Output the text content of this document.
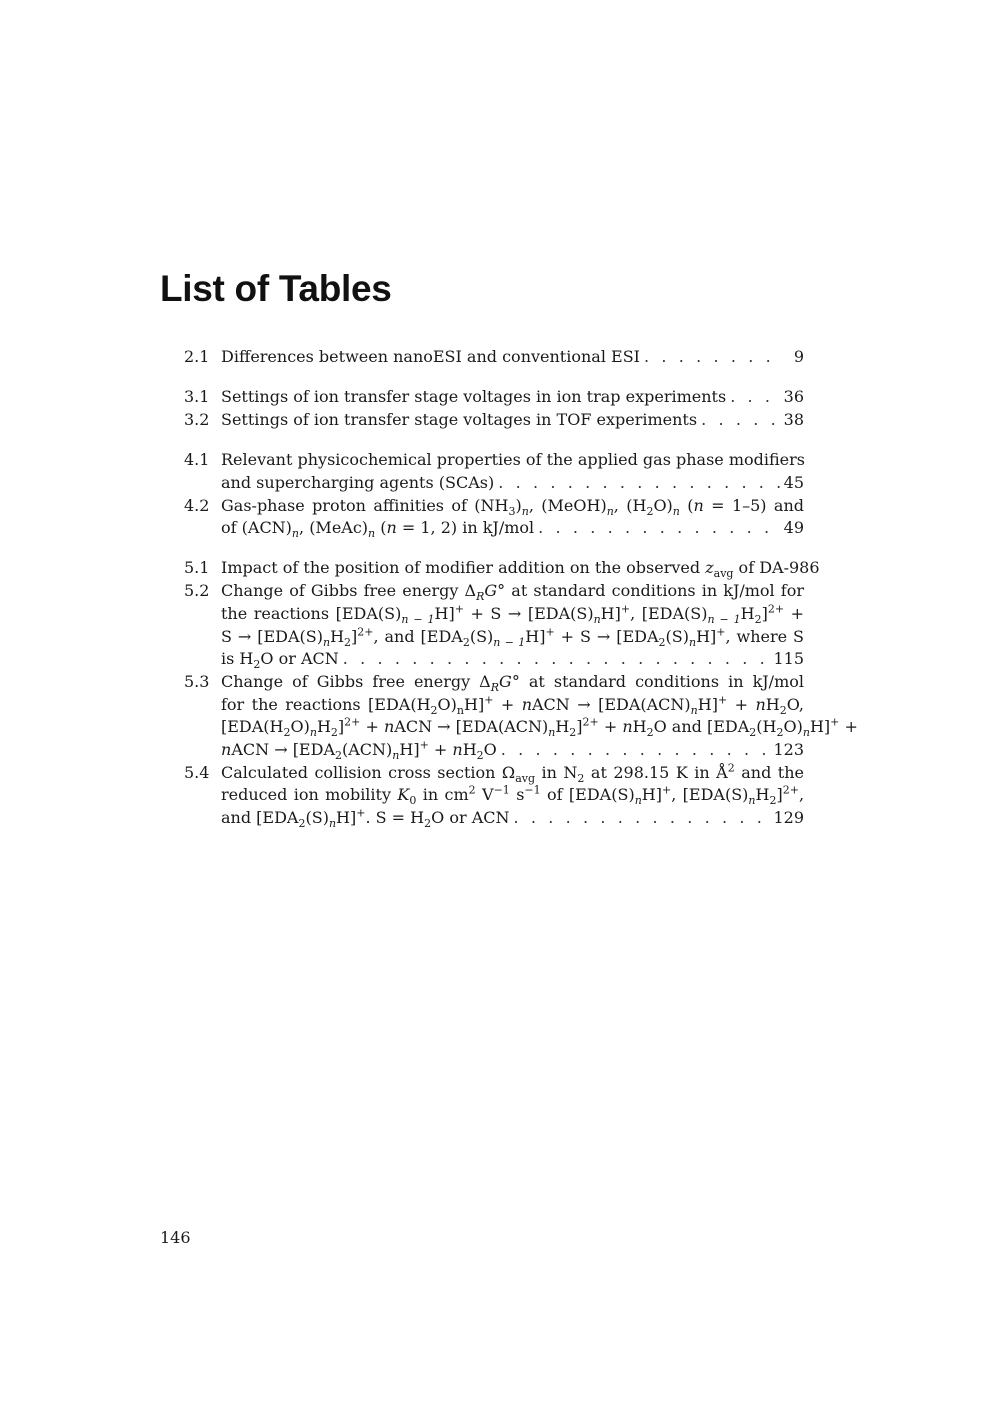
List of Tables
2.1 Differences between nanoESI and conventional ESI . . .	9
3.1 Settings of ion transfer stage voltages in ion trap experiments . . .	36
3.2 Settings of ion transfer stage voltages in TOF experiments . . .	38
4.1 Relevant physicochemical properties of the applied gas phase modifiers
and supercharging agents (SCAs) . . .	45
4.2 Gas-phase proton affinities of $(NH_3)_n$, $(MeOH)_n$, $(H_2O)_n$ (n = 1–5) and
of $(ACN)_n$, $(MeAc)_n$ (n = 1, 2) in kJ/mol . . .	49
5.1 Impact of the position of modifier addition on the observed $z_{avg}$ of DA-9 86
5.2 Change of Gibbs free energy $\Delta_RG^\circ$ at standard conditions in kJ/mol for
the reactions $[EDA(S)_{n - 1}H]^+ + S \to [EDA(S)_nH]^+$, $[EDA(S)_{n - 1}H_2]^{2+}$ +
$S \to [EDA(S)_nH_2]^{2+}$, and $[EDA_2(S)_{n - 1}H]^+ + S \to [EDA_2(S)_nH]^+$, where S
is $H_2O$ or ACN . . .	115
5.3 Change of Gibbs free energy $\Delta_RG^\circ$ at standard conditions in kJ/mol
for the reactions $[EDA(H_2O)_nH]^+$ + nACN → $[EDA(ACN)_nH]^+ + nH_2O$,
$[EDA(H_2O)_nH_2]^{2+}$ + nACN → $[EDA(ACN)_nH_2]^{2+} + nH_2O$ and $[EDA_2(H_2O)_nH]^+$ +
nACN → $[EDA_2(ACN)_nH]^+ + nH_2O$ . . .	123
5.4 Calculated collision cross section $\Omega_{avg}$ in $N_2$ at 298.15 K in $Å^2$ and the
reduced ion mobility $K_0$ in $cm^2$ $V^{-1}$ $s^{-1}$ of $[EDA(S)_nH]^+$, $[EDA(S)_nH_2]^{2+}$,
and $[EDA_2(S)_nH]^+$. $S = H_2O$ or ACN . . .	129
146
